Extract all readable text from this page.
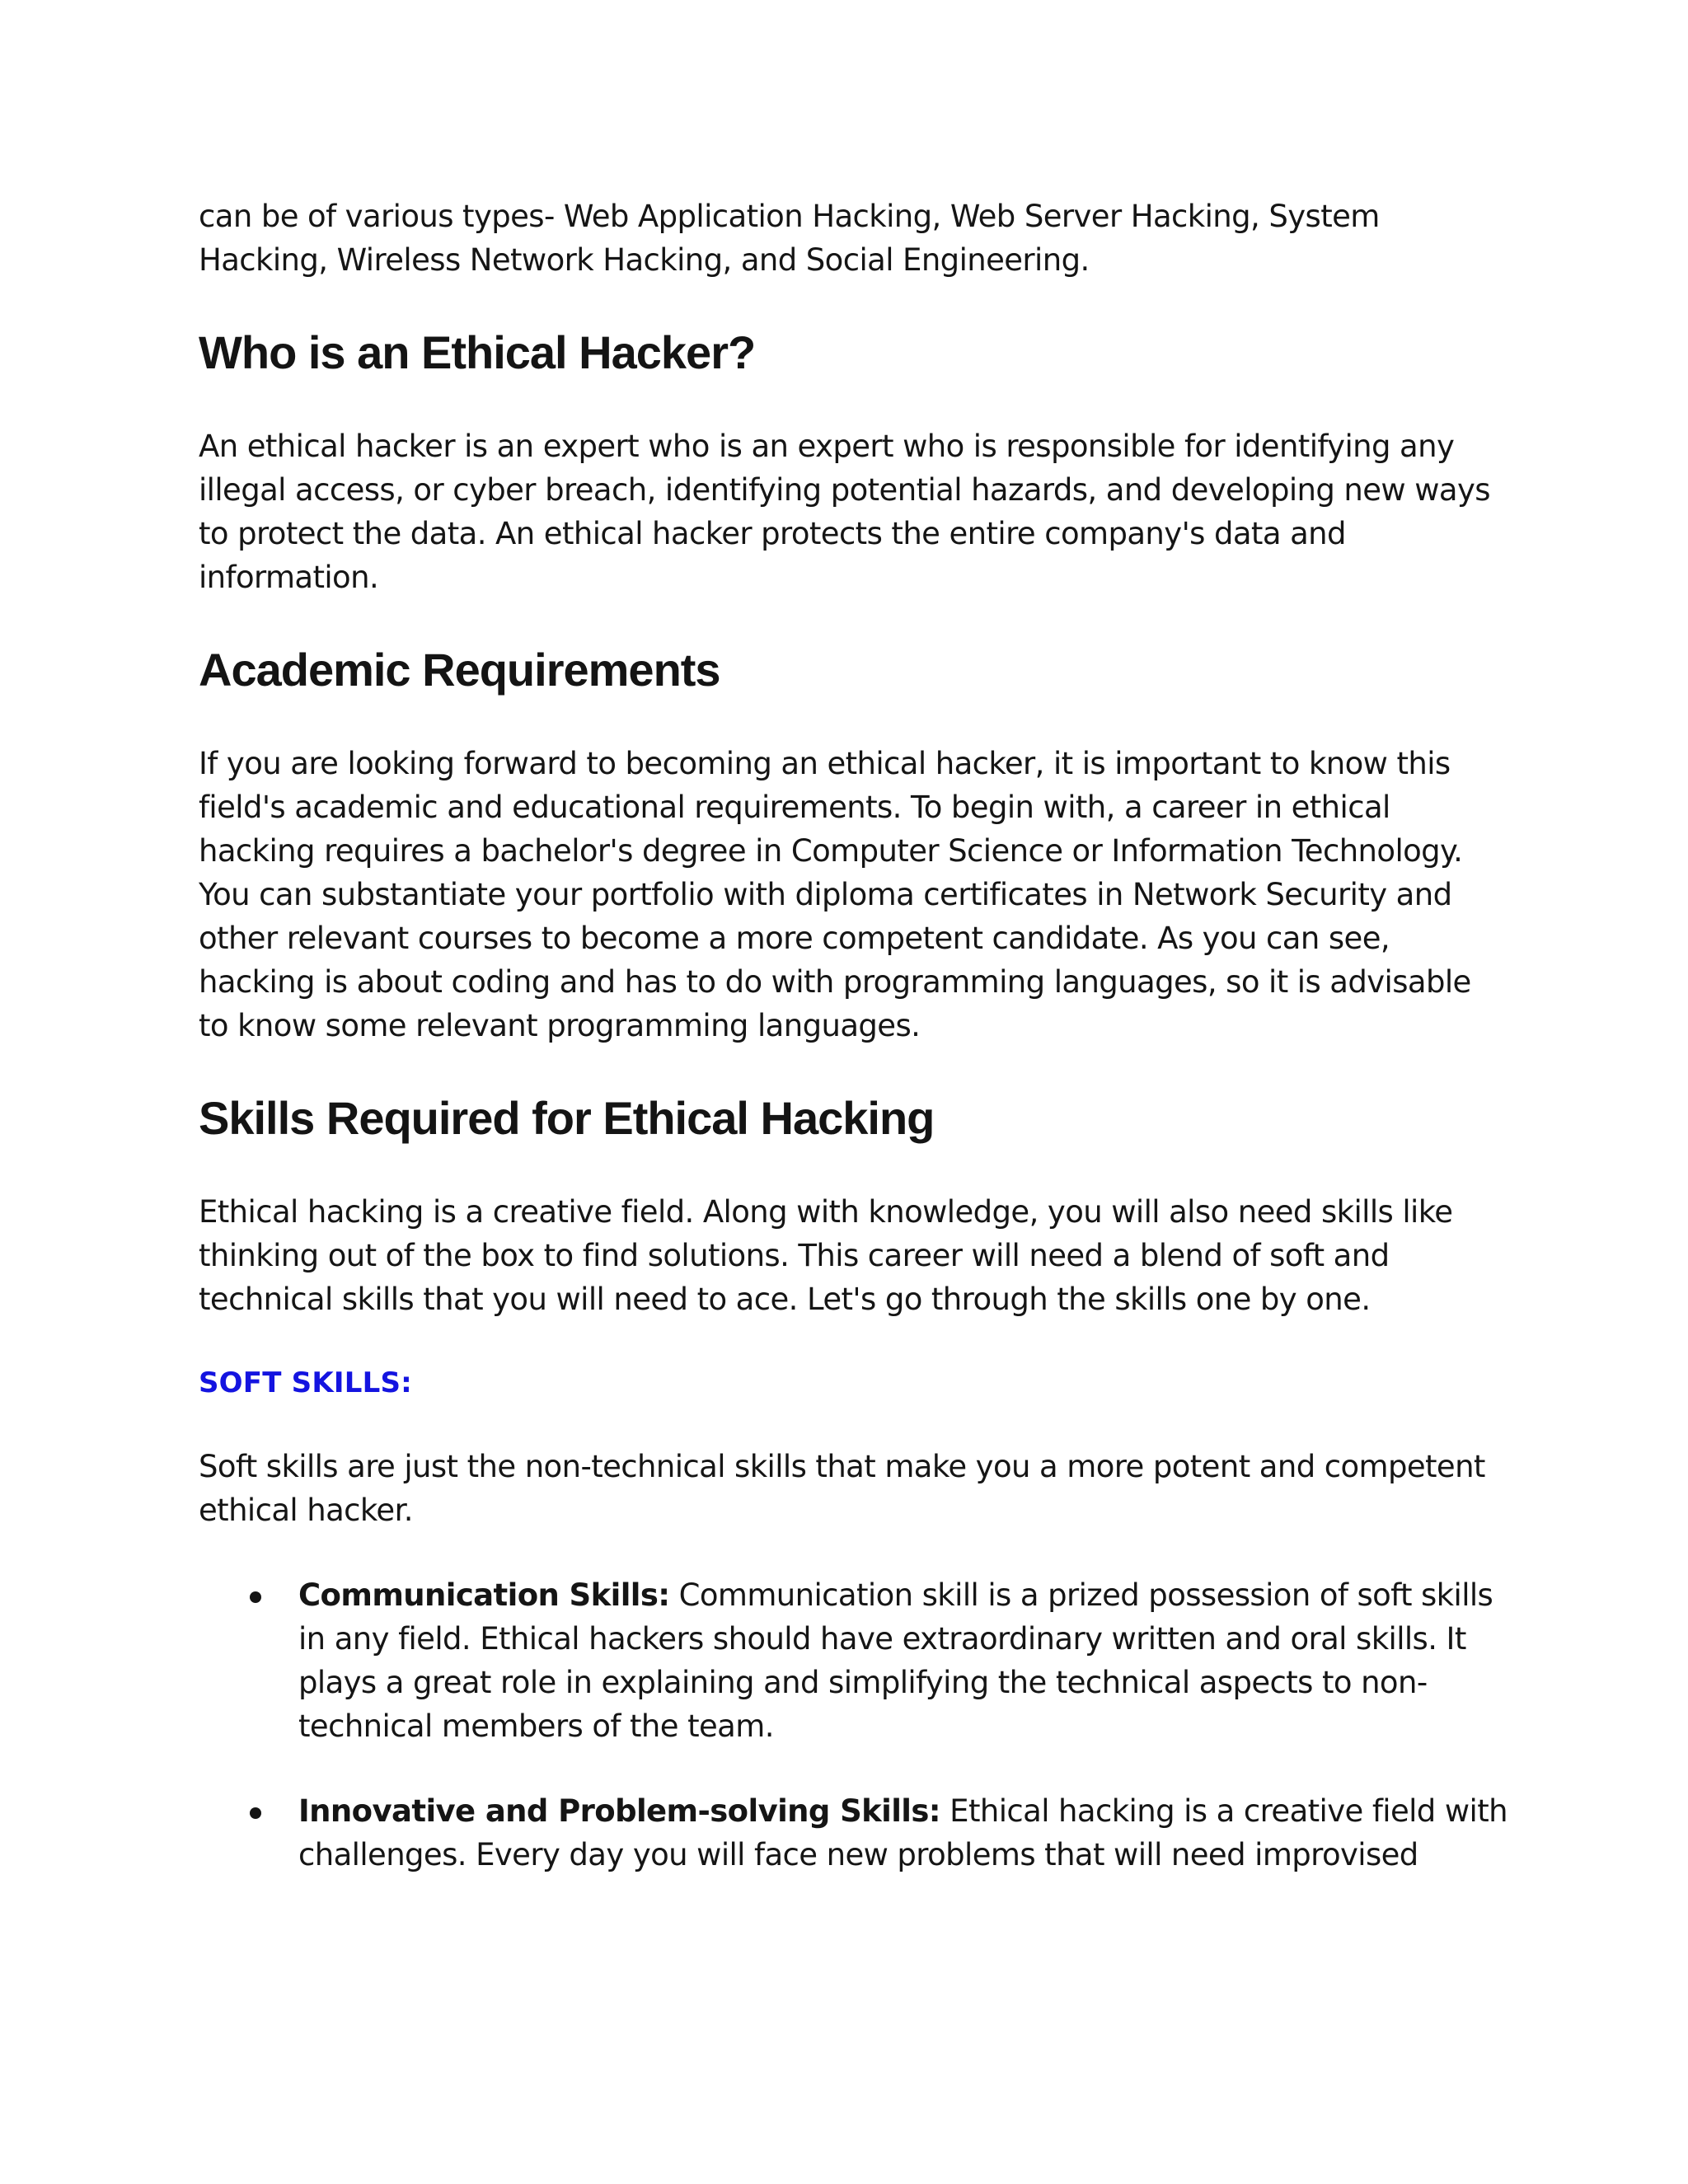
can be of various types- Web Application Hacking, Web Server Hacking, System Hacking, Wireless Network Hacking, and Social Engineering.

Who is an Ethical Hacker?

An ethical hacker is an expert who is an expert who is responsible for identifying any illegal access, or cyber breach, identifying potential hazards, and developing new ways to protect the data. An ethical hacker protects the entire company's data and information.

Academic Requirements

If you are looking forward to becoming an ethical hacker, it is important to know this field's academic and educational requirements. To begin with, a career in ethical hacking requires a bachelor's degree in Computer Science or Information Technology. You can substantiate your portfolio with diploma certificates in Network Security and other relevant courses to become a more competent candidate. As you can see, hacking is about coding and has to do with programming languages, so it is advisable to know some relevant programming languages.

Skills Required for Ethical Hacking

Ethical hacking is a creative field. Along with knowledge, you will also need skills like thinking out of the box to find solutions. This career will need a blend of soft and technical skills that you will need to ace. Let's go through the skills one by one.

SOFT SKILLS:

Soft skills are just the non-technical skills that make you a more potent and competent ethical hacker.

Communication Skills: Communication skill is a prized possession of soft skills in any field. Ethical hackers should have extraordinary written and oral skills. It plays a great role in explaining and simplifying the technical aspects to non-technical members of the team.
Innovative and Problem-solving Skills: Ethical hacking is a creative field with challenges. Every day you will face new problems that will need improvised
